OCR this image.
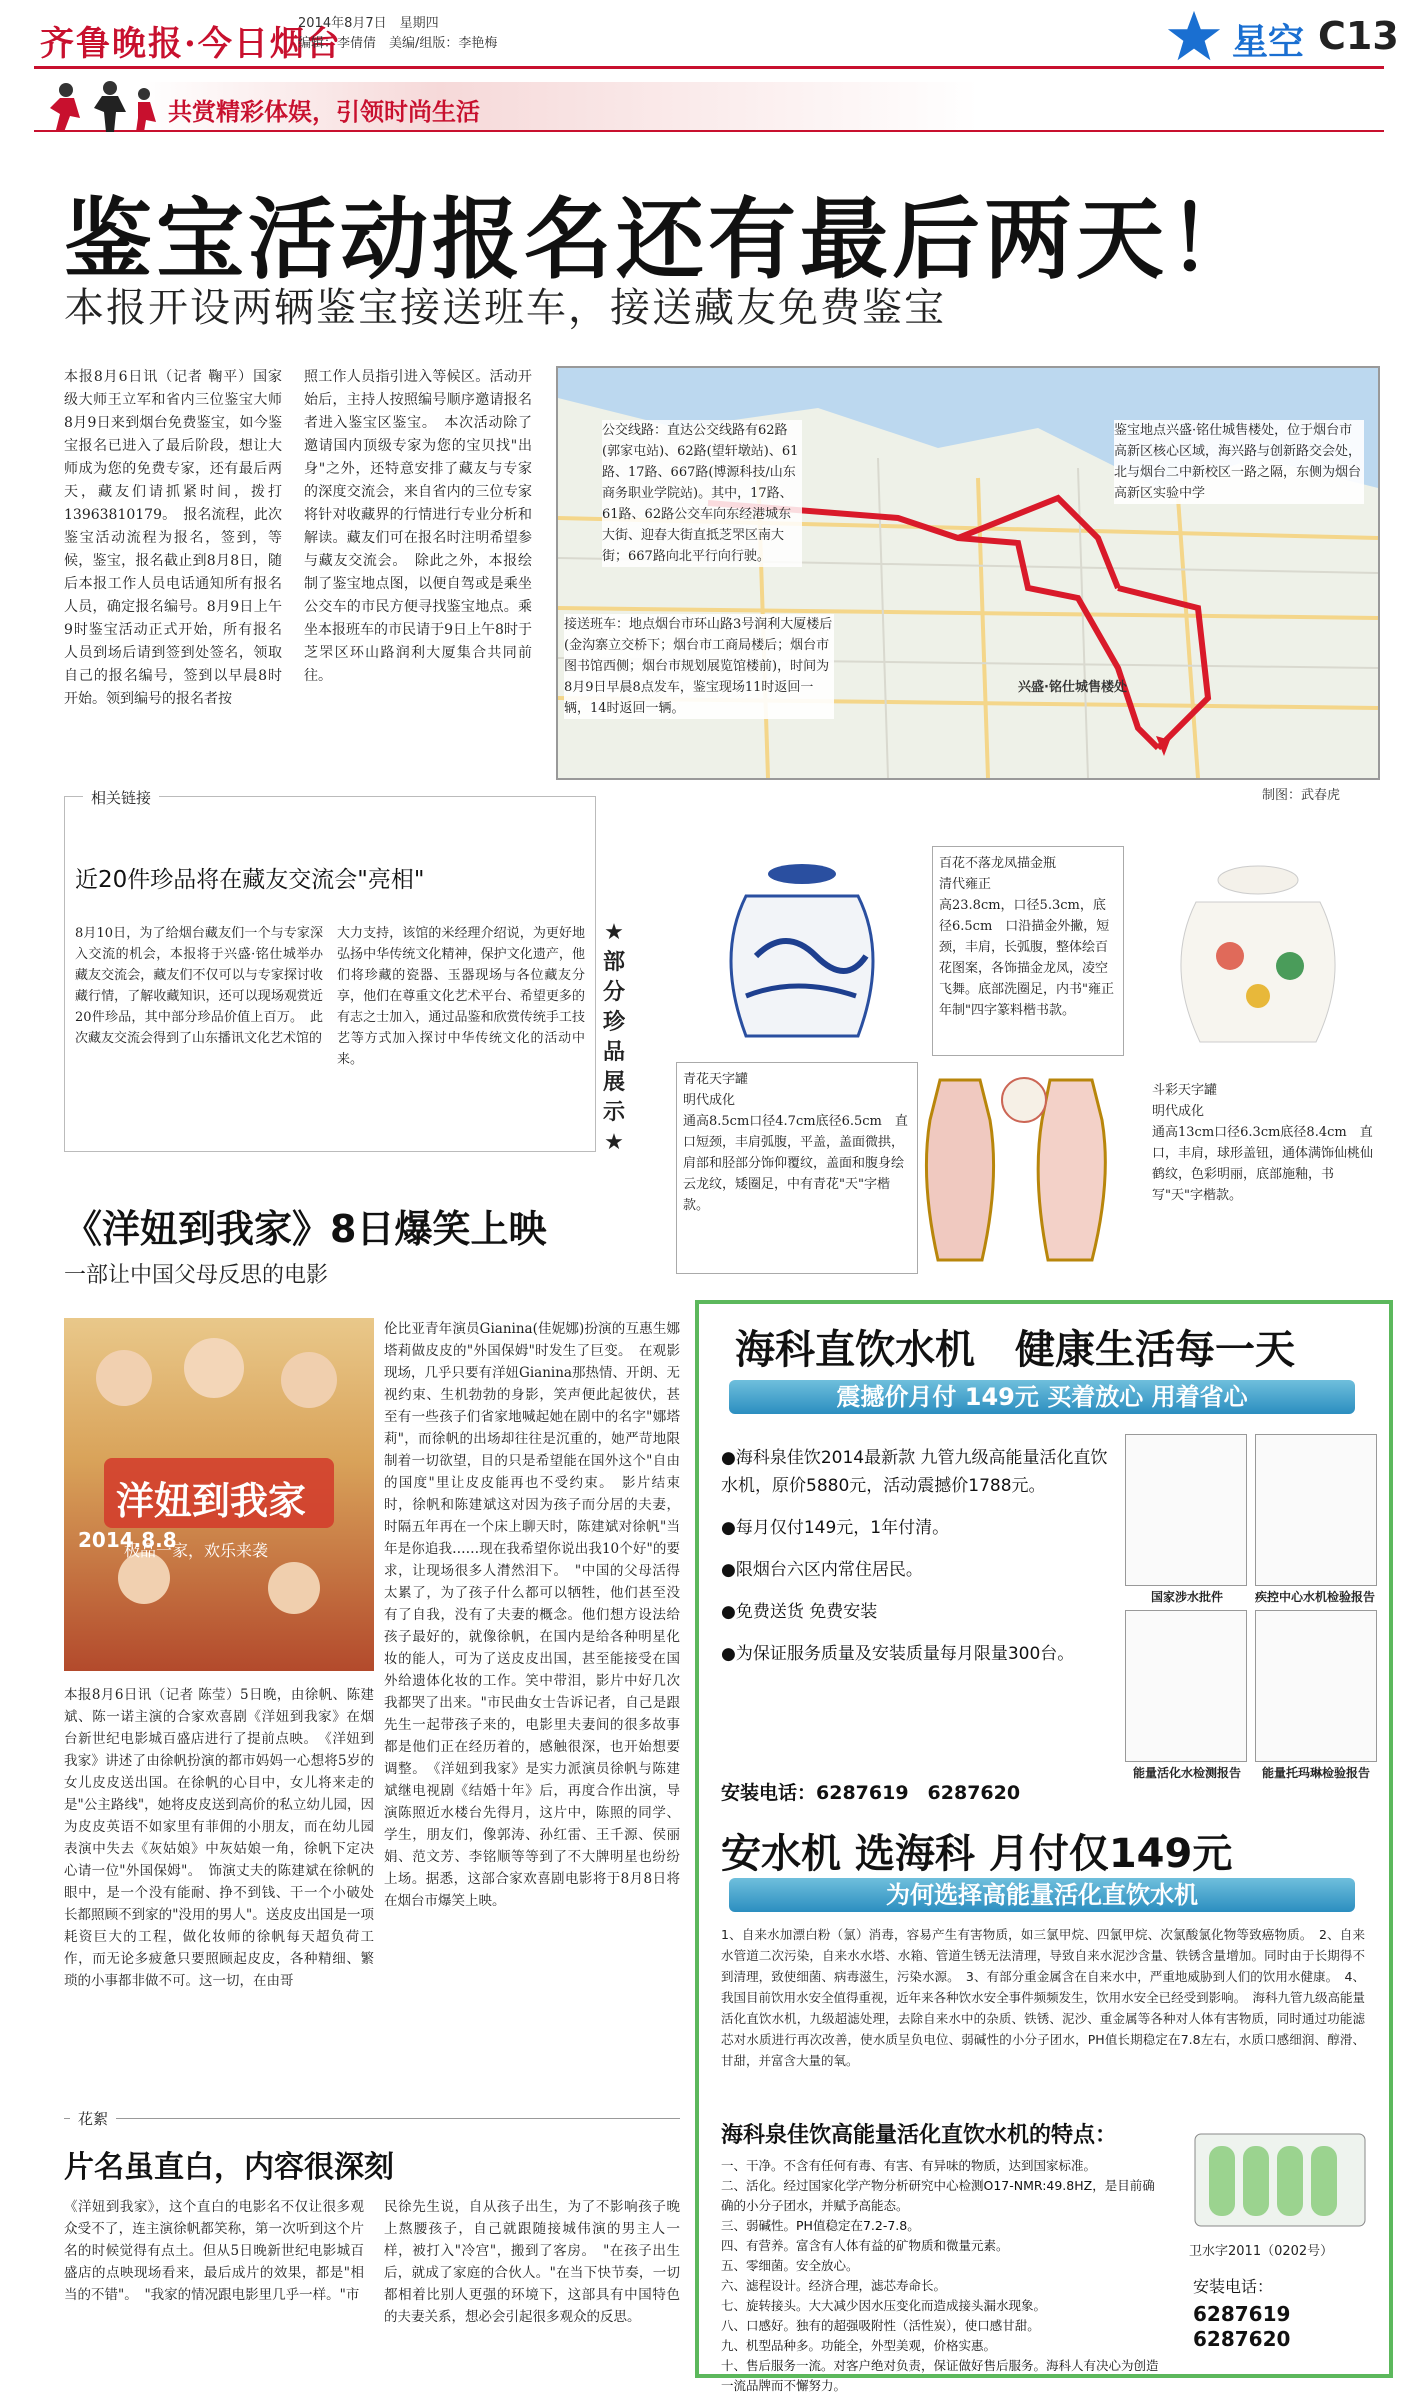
齐鲁晚报·今日烟台
2014年8月7日　星期四
编辑：李倩倩　美编/组版：李艳梅	星空 C13
共赏精彩体娱，引领时尚生活
鉴宝活动报名还有最后两天！
本报开设两辆鉴宝接送班车，接送藏友免费鉴宝
本报8月6日讯（记者 鞠平）国家级大师王立军和省内三位鉴宝大师8月9日来到烟台免费鉴宝，如今鉴宝报名已进入了最后阶段，想让大师成为您的免费专家，还有最后两天，藏友们请抓紧时间，拨打13963810179。　报名流程，此次鉴宝活动流程为报名，签到，等候，鉴宝，报名截止到8月8日，随后本报工作人员电话通知所有报名人员，确定报名编号。8月9日上午9时鉴宝活动正式开始，所有报名人员到场后请到签到处签名，领取自己的报名编号，签到以早晨8时开始。领到编号的报名者按
照工作人员指引进入等候区。活动开始后，主持人按照编号顺序邀请报名者进入鉴宝区鉴宝。　本次活动除了邀请国内顶级专家为您的宝贝找"出身"之外，还特意安排了藏友与专家的深度交流会，来自省内的三位专家将针对收藏界的行情进行专业分析和解读。藏友们可在报名时注明希望参与藏友交流会。　除此之外，本报绘制了鉴宝地点图，以便自驾或是乘坐公交车的市民方便寻找鉴宝地点。乘坐本报班车的市民请于9日上午8时于芝罘区环山路润利大厦集合共同前往。
公交线路：直达公交线路有62路(郭家屯站)、62路(望轩墩站)、61路、17路、667路(博源科技/山东商务职业学院站)。其中，17路、61路、62路公交车向东经港城东大街、迎春大街直抵芝罘区南大街；667路向北平行向行驶。
鉴宝地点兴盛·铭仕城售楼处，位于烟台市高新区核心区域，海兴路与创新路交会处，北与烟台二中新校区一路之隔，东侧为烟台高新区实验中学
接送班车：地点烟台市环山路3号润利大厦楼后(金沟寨立交桥下；烟台市工商局楼后；烟台市图书馆西侧；烟台市规划展览馆楼前)，时间为8月9日早晨8点发车，鉴宝现场11时返回一辆，14时返回一辆。
兴盛·铭仕城售楼处
制图：武春虎
相关链接
近20件珍品将在藏友交流会"亮相"
8月10日，为了给烟台藏友们一个与专家深入交流的机会，本报将于兴盛·铭仕城举办藏友交流会，藏友们不仅可以与专家探讨收藏行情，了解收藏知识，还可以现场观赏近20件珍品，其中部分珍品价值上百万。　此次藏友交流会得到了山东播讯文化艺术馆的
大力支持，该馆的米经理介绍说，为更好地弘扬中华传统文化精神，保护文化遗产，他们将珍藏的瓷器、玉器现场与各位藏友分享，他们在尊重文化艺术平台、希望更多的有志之士加入，通过品鉴和欣赏传统手工技艺等方式加入探讨中华传统文化的活动中来。
★部分珍品展示★
百花不落龙凤描金瓶
清代雍正
高23.8cm，口径5.3cm，底径6.5cm　口沿描金外撇，短颈，丰肩，长弧腹，整体绘百花图案，各饰描金龙凤，凌空飞舞。底部洗圈足，内书"雍正年制"四字篆料楷书款。
青花天字罐
明代成化
通高8.5cm口径4.7cm底径6.5cm　直口短颈，丰肩弧腹，平盖，盖面微拱，肩部和胫部分饰仰覆纹，盖面和腹身绘云龙纹，矮圈足，中有青花"天"字楷款。
斗彩天字罐
明代成化
通高13cm口径6.3cm底径8.4cm　直口，丰肩，球形盖钮，通体满饰仙桃仙鹤纹，色彩明丽，底部施釉，书写"天"字楷款。
《洋妞到我家》8日爆笑上映
一部让中国父母反思的电影
洋妞到我家
极品一家，欢乐来袭
2014.8.8
本报8月6日讯（记者 陈莹）5日晚，由徐帆、陈建斌、陈一诺主演的合家欢喜剧《洋妞到我家》在烟台新世纪电影城百盛店进行了提前点映。　《洋妞到我家》讲述了由徐帆扮演的都市妈妈一心想将5岁的女儿皮皮送出国。在徐帆的心目中，女儿将来走的是"公主路线"，她将皮皮送到高价的私立幼儿园，因为皮皮英语不如家里有菲佣的小朋友，而在幼儿园表演中失去《灰姑娘》中灰姑娘一角，徐帆下定决心请一位"外国保姆"。　饰演丈夫的陈建斌在徐帆的眼中，是一个没有能耐、挣不到钱、干一个小破处长都照顾不到家的"没用的男人"。送皮皮出国是一项耗资巨大的工程，做化妆师的徐帆每天超负荷工作，而无论多疲惫只要照顾起皮皮，各种精细、繁琐的小事都非做不可。这一切，在由哥
伦比亚青年演员Gianina(佳妮娜)扮演的互惠生娜塔莉做皮皮的"外国保姆"时发生了巨变。　在观影现场，几乎只要有洋妞Gianina那热情、开朗、无视约束、生机勃勃的身影，笑声便此起彼伏，甚至有一些孩子们省家地喊起她在剧中的名字"娜塔莉"，而徐帆的出场却往往是沉重的，她严苛地限制着一切欲望，目的只是希望能在国外这个"自由的国度"里让皮皮能再也不受约束。　影片结束时，徐帆和陈建斌这对因为孩子而分居的夫妻，时隔五年再在一个床上聊天时，陈建斌对徐帆"当年是你追我……现在我希望你说出我10个好"的要求，让现场很多人潸然泪下。　"中国的父母活得太累了，为了孩子什么都可以牺牲，他们甚至没有了自我，没有了夫妻的概念。他们想方设法给孩子最好的，就像徐帆，在国内是给各种明星化妆的能人，可为了送皮皮出国，甚至能接受在国外给遗体化妆的工作。笑中带泪，影片中好几次我都哭了出来。"市民曲女士告诉记者，自己是跟先生一起带孩子来的，电影里夫妻间的很多故事都是他们正在经历着的，感触很深，也开始想要调整。　《洋妞到我家》是实力派演员徐帆与陈建斌继电视剧《结婚十年》后，再度合作出演，导演陈照近水楼台先得月，这片中，陈照的同学、学生，朋友们，像郭涛、孙红雷、王千源、侯丽娟、范文芳、李铭顺等等到了不大牌明星也纷纷上场。据悉，这部合家欢喜剧电影将于8月8日将在烟台市爆笑上映。
花絮
片名虽直白，内容很深刻
《洋妞到我家》，这个直白的电影名不仅让很多观众受不了，连主演徐帆都笑称，第一次听到这个片名的时候觉得有点土。但从5日晚新世纪电影城百盛店的点映现场看来，最后成片的效果，都是"相当的不错"。　"我家的情况跟电影里几乎一样。"市
民徐先生说，自从孩子出生，为了不影响孩子晚上熬腰孩子，自己就跟随接城伟演的男主人一样，被打入"冷宫"，搬到了客房。　"在孩子出生后，就成了家庭的合伙人。"在当下快节奏，一切都相着比别人更强的环境下，这部具有中国特色的夫妻关系，想必会引起很多观众的反思。
海科直饮水机　健康生活每一天
震撼价月付 149元 买着放心 用着省心
●海科泉佳饮2014最新款 九管九级高能量活化直饮水机，原价5880元，活动震撼价1788元。
●每月仅付149元，1年付清。
●限烟台六区内常住居民。
●免费送货 免费安装
●为保证服务质量及安装质量每月限量300台。
安装电话：6287619　6287620
国家涉水批件	疾控中心水机检验报告
能量活化水检测报告	能量托玛琳检验报告
安水机 选海科 月付仅149元
为何选择高能量活化直饮水机
1、自来水加漂白粉（氯）消毒，容易产生有害物质，如三氯甲烷、四氯甲烷、次氯酸氯化物等致癌物质。　2、自来水管道二次污染，自来水水塔、水箱、管道生锈无法清理，导致自来水泥沙含量、铁锈含量增加。同时由于长期得不到清理，致使细菌、病毒滋生，污染水源。　3、有部分重金属含在自来水中，严重地威胁到人们的饮用水健康。　4、我国目前饮用水安全值得重视，近年来各种饮水安全事件频频发生，饮用水安全已经受到影响。　海科九管九级高能量活化直饮水机，九级超滤处理，去除自来水中的杂质、铁锈、泥沙、重金属等各种对人体有害物质，同时通过功能滤芯对水质进行再次改善，使水质呈负电位、弱碱性的小分子团水，PH值长期稳定在7.8左右，水质口感细润、醇滑、甘甜，并富含大量的氧。
海科泉佳饮高能量活化直饮水机的特点：
一、干净。不含有任何有毒、有害、有异味的物质，达到国家标准。
二、活化。经过国家化学产物分析研究中心检测O17-NMR:49.8HZ，是目前确确的小分子团水，并赋予高能态。
三、弱碱性。PH值稳定在7.2-7.8。
四、有营养。富含有人体有益的矿物质和微量元素。
五、零细菌。安全放心。
六、滤程设计。经济合理，滤芯寿命长。
七、旋转接头。大大减少因水压变化而造成接头漏水现象。
八、口感好。独有的超强吸附性（活性炭），使口感甘甜。
九、机型品种多。功能全，外型美观，价格实惠。
十、售后服务一流。对客户绝对负责，保证做好售后服务。海科人有决心为创造一流品牌而不懈努力。
卫水字2011（0202号）
安装电话：
6287619　6287620
